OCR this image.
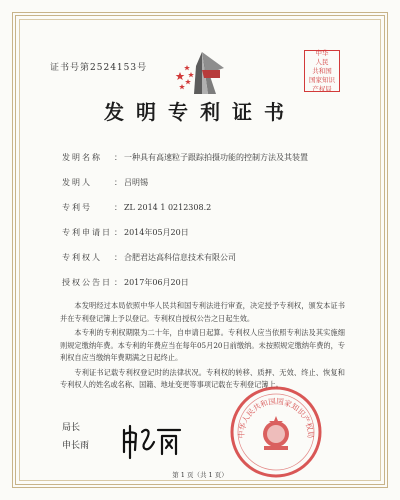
证书号第2524153号
中华
人民
共和国
国家知识
产权局
发明专利证书
发明名称 ： 一种具有高速粒子跟踪拍摄功能的控制方法及其装置
发明人	： 吕明锡
专利号	： ZL 2014 1 0212308.2
专利申请日 ： 2014年05月20日
专利权人 ： 合肥君达高科信息技术有限公司
授权公告日 ： 2017年06月20日

本发明经过本局依照中华人民共和国专利法进行审查，决定授予专利权，颁发本证书并在专利登记簿上予以登记。专利权自授权公告之日起生效。

本专利的专利权期限为二十年，自申请日起算。专利权人应当依照专利法及其实施细则规定缴纳年费。本专利的年费应当在每年05月20日前缴纳。未按照规定缴纳年费的，专利权自应当缴纳年费期满之日起终止。

专利证书记载专利权登记时的法律状况。专利权的转移、质押、无效、终止、恢复和专利权人的姓名或名称、国籍、地址变更等事项记载在专利登记簿上。

局长
申长雨
中华人民共和国国家知识产权局
第 1 页（共 1 页）
